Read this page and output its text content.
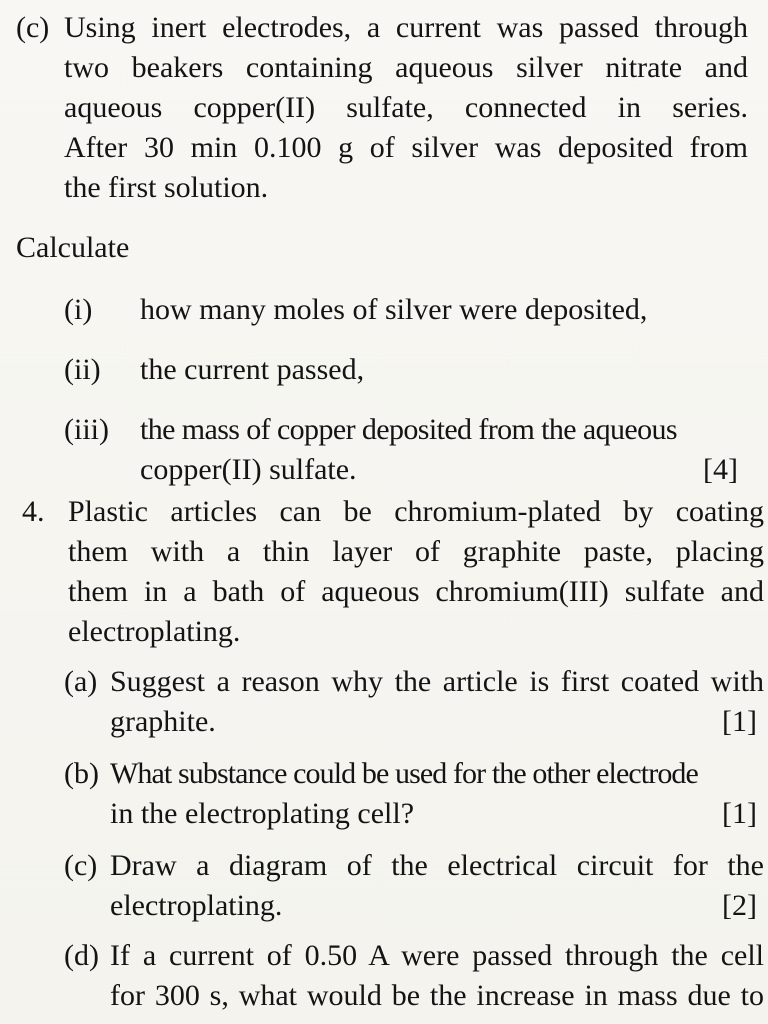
(c) Using inert electrodes, a current was passed through
two beakers containing aqueous silver nitrate and
aqueous copper(II) sulfate, connected in series.
After 30 min 0.100 g of silver was deposited from
the first solution.
Calculate
(i) how many moles of silver were deposited,
(ii) the current passed,
(iii) the mass of copper deposited from the aqueous
copper(II) sulfate.	[4]
4. Plastic articles can be chromium-plated by coating
them with a thin layer of graphite paste, placing
them in a bath of aqueous chromium(III) sulfate and
electroplating.
(a) Suggest a reason why the article is first coated with
graphite.	[1]
(b) What substance could be used for the other electrode
in the electroplating cell?	[1]
(c) Draw a diagram of the electrical circuit for the
electroplating.	[2]
(d) If a current of 0.50 A were passed through the cell
for 300 s, what would be the increase in mass due to
